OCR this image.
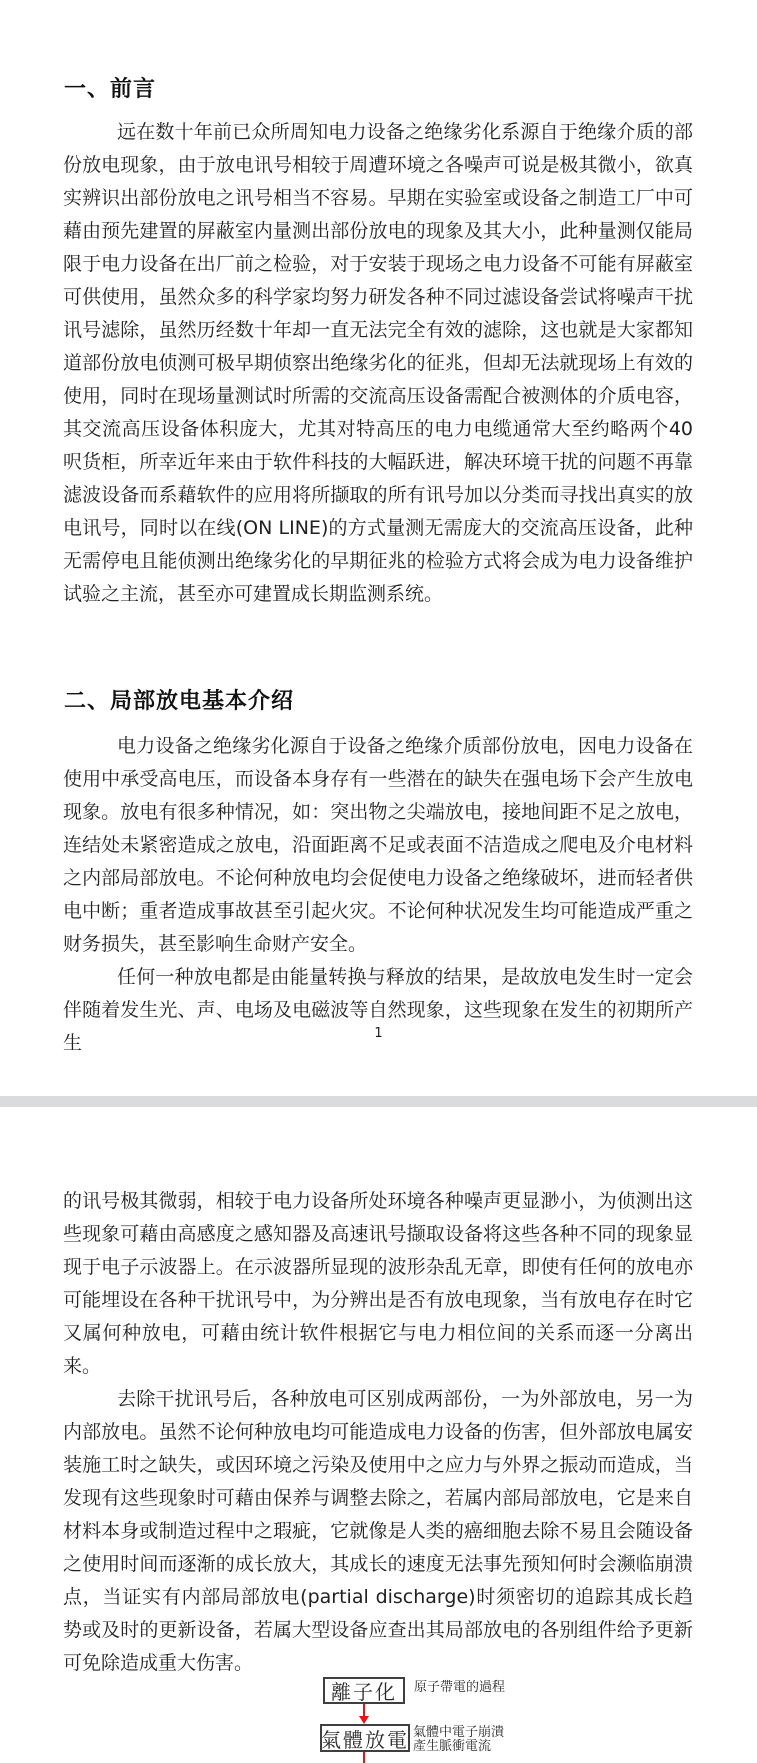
一、前言

远在数十年前已众所周知电力设备之绝缘劣化系源自于绝缘介质的部份放电现象，由于放电讯号相较于周遭环境之各噪声可说是极其微小，欲真实辨识出部份放电之讯号相当不容易。早期在实验室或设备之制造工厂中可藉由预先建置的屏蔽室内量测出部份放电的现象及其大小，此种量测仅能局限于电力设备在出厂前之检验，对于安装于现场之电力设备不可能有屏蔽室可供使用，虽然众多的科学家均努力研发各种不同过滤设备尝试将噪声干扰讯号滤除，虽然历经数十年却一直无法完全有效的滤除，这也就是大家都知道部份放电侦测可极早期侦察出绝缘劣化的征兆，但却无法就现场上有效的使用，同时在现场量测试时所需的交流高压设备需配合被测体的介质电容，其交流高压设备体积庞大，尤其对特高压的电力电缆通常大至约略两个40呎货柜，所幸近年来由于软件科技的大幅跃进，解决环境干扰的问题不再靠滤波设备而系藉软件的应用将所撷取的所有讯号加以分类而寻找出真实的放电讯号，同时以在线(ON LINE)的方式量测无需庞大的交流高压设备，此种无需停电且能侦测出绝缘劣化的早期征兆的检验方式将会成为电力设备维护试验之主流，甚至亦可建置成长期监测系统。

二、局部放电基本介绍

电力设备之绝缘劣化源自于设备之绝缘介质部份放电，因电力设备在使用中承受高电压，而设备本身存有一些潜在的缺失在强电场下会产生放电现象。放电有很多种情况，如：突出物之尖端放电，接地间距不足之放电，连结处未紧密造成之放电，沿面距离不足或表面不洁造成之爬电及介电材料之内部局部放电。不论何种放电均会促使电力设备之绝缘破坏，进而轻者供电中断；重者造成事故甚至引起火灾。不论何种状况发生均可能造成严重之财务损失，甚至影响生命财产安全。

任何一种放电都是由能量转换与释放的结果，是故放电发生时一定会伴随着发生光、声、电场及电磁波等自然现象，这些现象在发生的初期所产生	1

的讯号极其微弱，相较于电力设备所处环境各种噪声更显渺小，为侦测出这些现象可藉由高感度之感知器及高速讯号撷取设备将这些各种不同的现象显现于电子示波器上。在示波器所显现的波形杂乱无章，即使有任何的放电亦可能埋设在各种干扰讯号中，为分辨出是否有放电现象，当有放电存在时它又属何种放电，可藉由统计软件根据它与电力相位间的关系而逐一分离出来。

去除干扰讯号后，各种放电可区别成两部份，一为外部放电，另一为内部放电。虽然不论何种放电均可能造成电力设备的伤害，但外部放电属安装施工时之缺失，或因环境之污染及使用中之应力与外界之振动而造成，当发现有这些现象时可藉由保养与调整去除之，若属内部局部放电，它是来自材料本身或制造过程中之瑕疵，它就像是人类的癌细胞去除不易且会随设备之使用时间而逐渐的成长放大，其成长的速度无法事先预知何时会濒临崩溃点，当证实有内部局部放电(partial discharge)时须密切的追踪其成长趋势或及时的更新设备，若属大型设备应查出其局部放电的各别组件给予更新可免除造成重大伤害。

離子化	原子帶電的過程
氣體放電 氣體中電子崩潰
產生脈衝電流
